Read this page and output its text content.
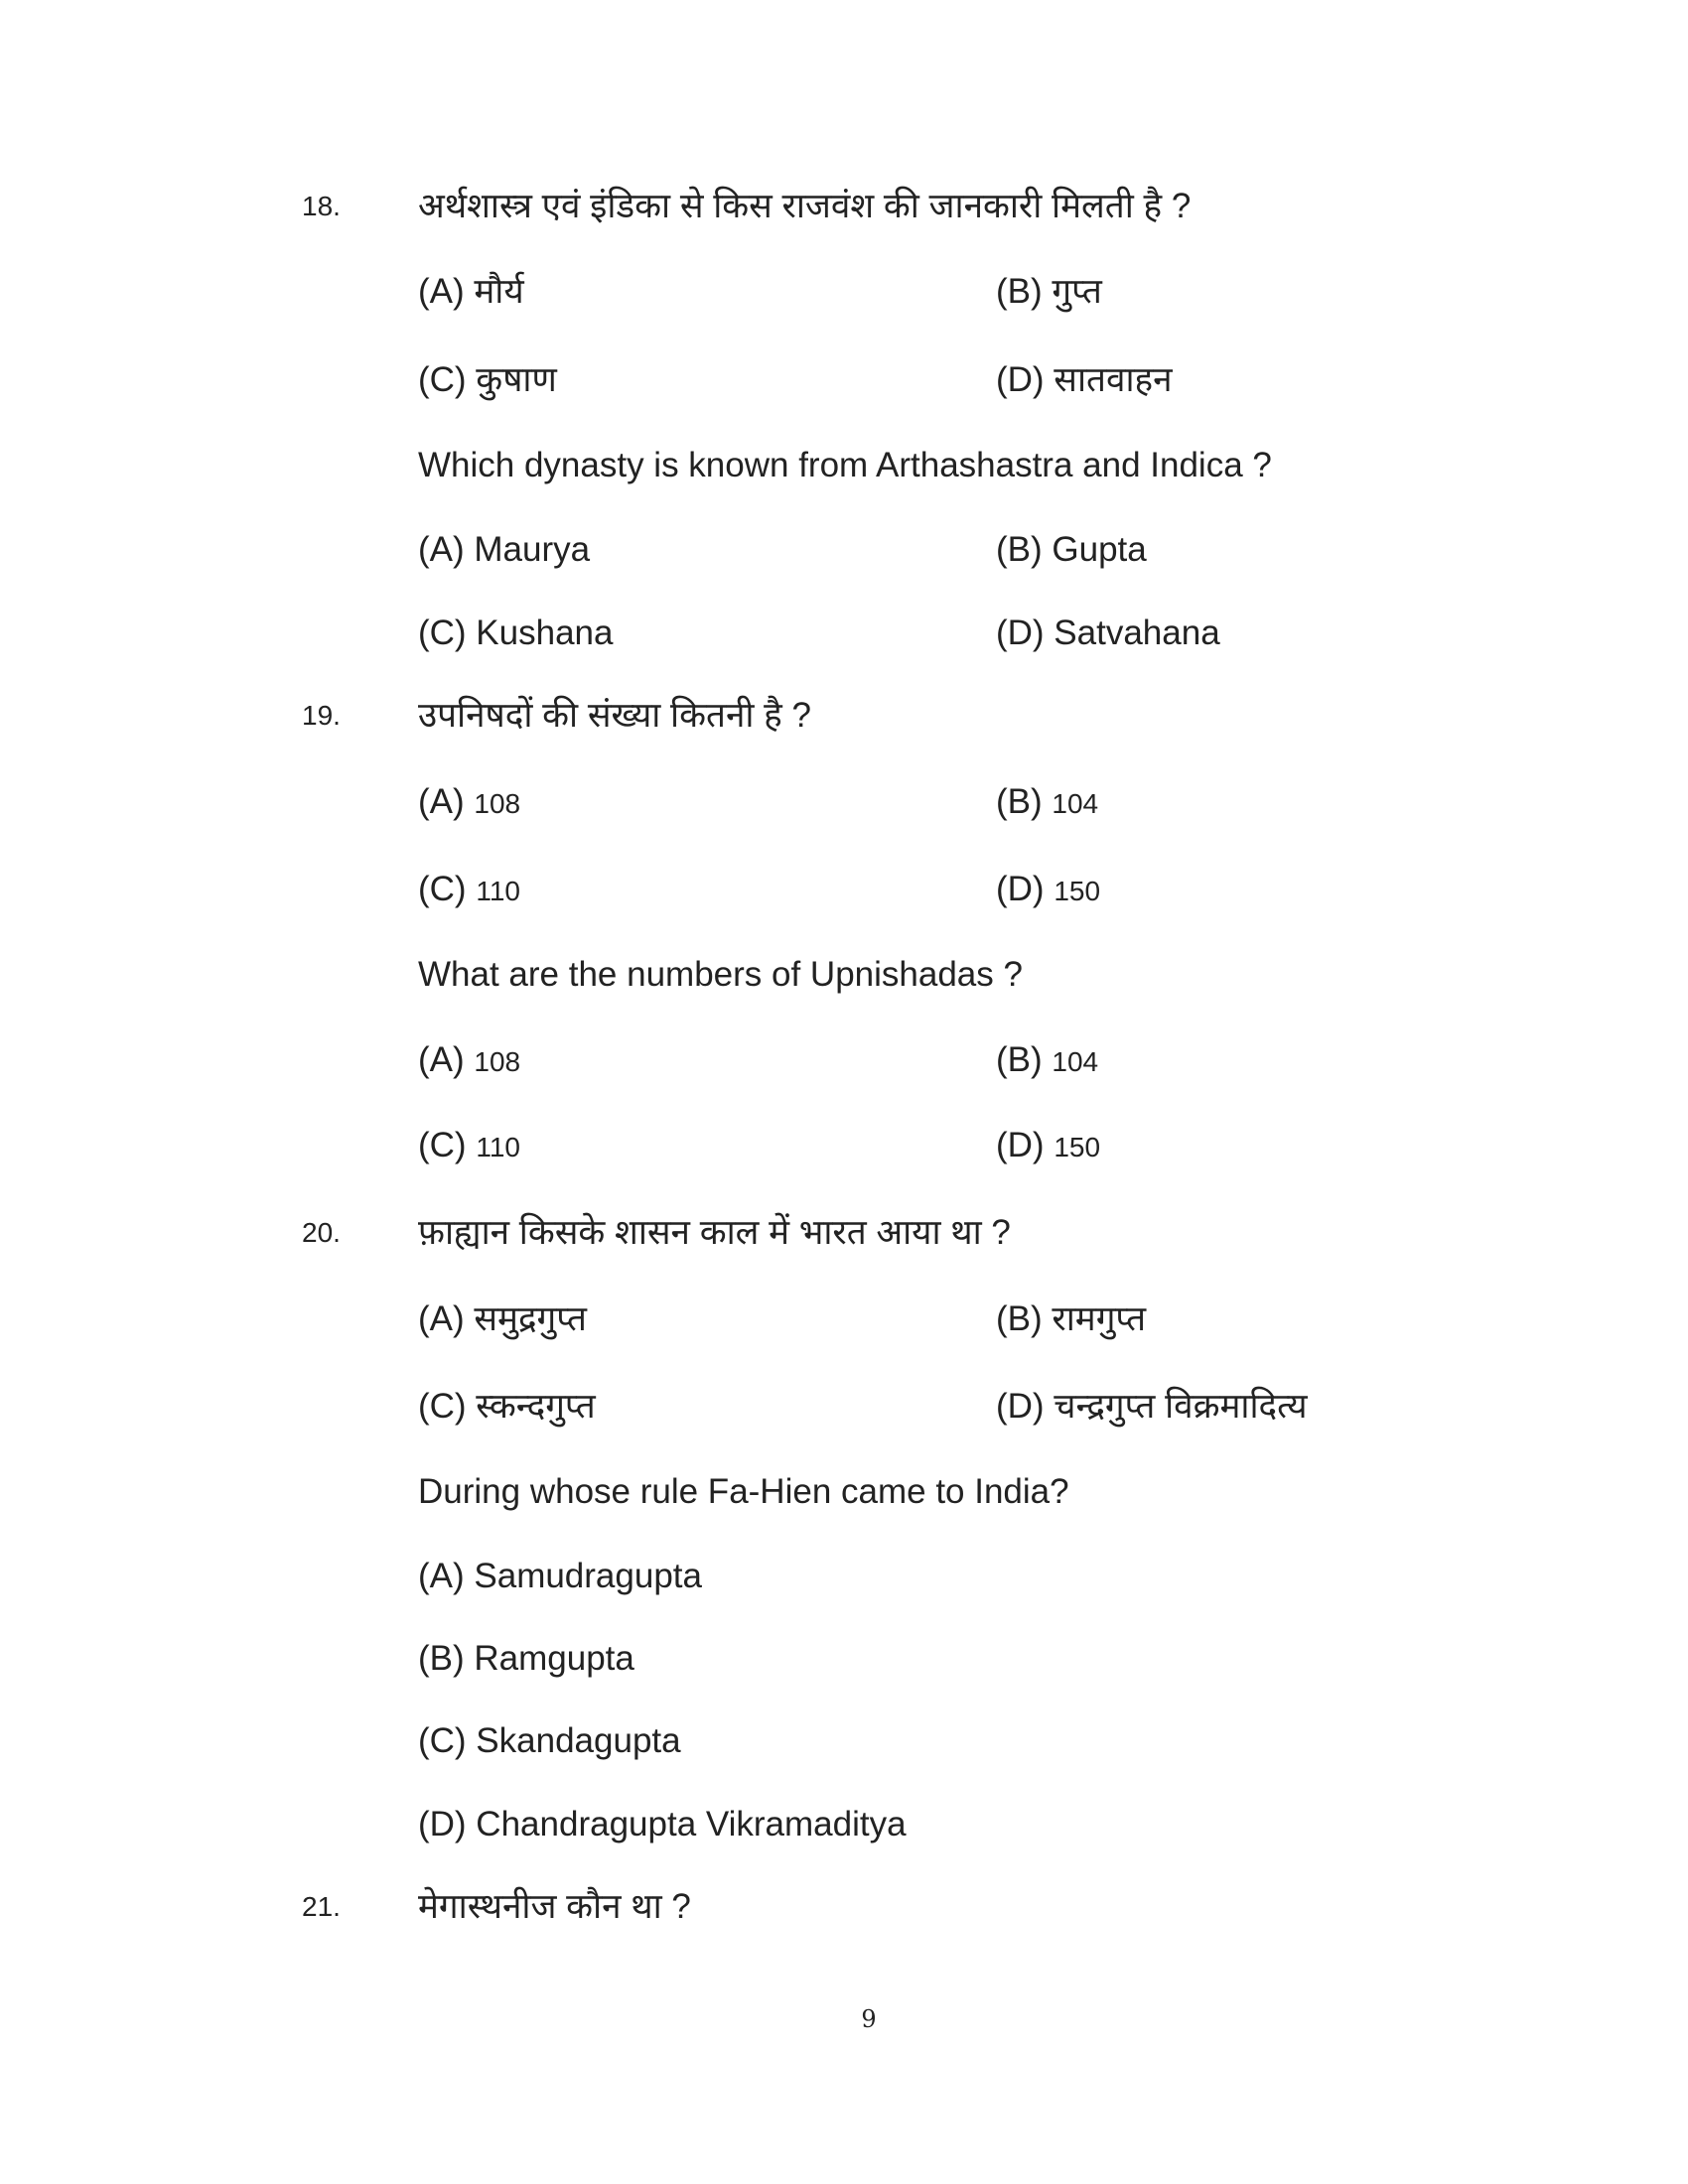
18. अर्थशास्त्र एवं इंडिका से किस राजवंश की जानकारी मिलती है ?
(A) मौर्य	(B) गुप्त
(C) कुषाण	(D) सातवाहन
Which dynasty is known from Arthashastra and Indica ?
(A) Maurya	(B) Gupta
(C) Kushana	(D) Satvahana
19. उपनिषदों की संख्या कितनी है ?
(A) 108	(B) 104
(C) 110	(D) 150
What are the numbers of Upnishadas ?
(A) 108	(B) 104
(C) 110	(D) 150
20. फ़ाह्यान किसके शासन काल में भारत आया था ?
(A) समुद्रगुप्त	(B) रामगुप्त
(C) स्कन्दगुप्त	(D) चन्द्रगुप्त विक्रमादित्य
During whose rule Fa-Hien came to India?
(A) Samudragupta
(B) Ramgupta
(C) Skandagupta
(D) Chandragupta Vikramaditya
21. मेगास्थनीज कौन था ?
9
